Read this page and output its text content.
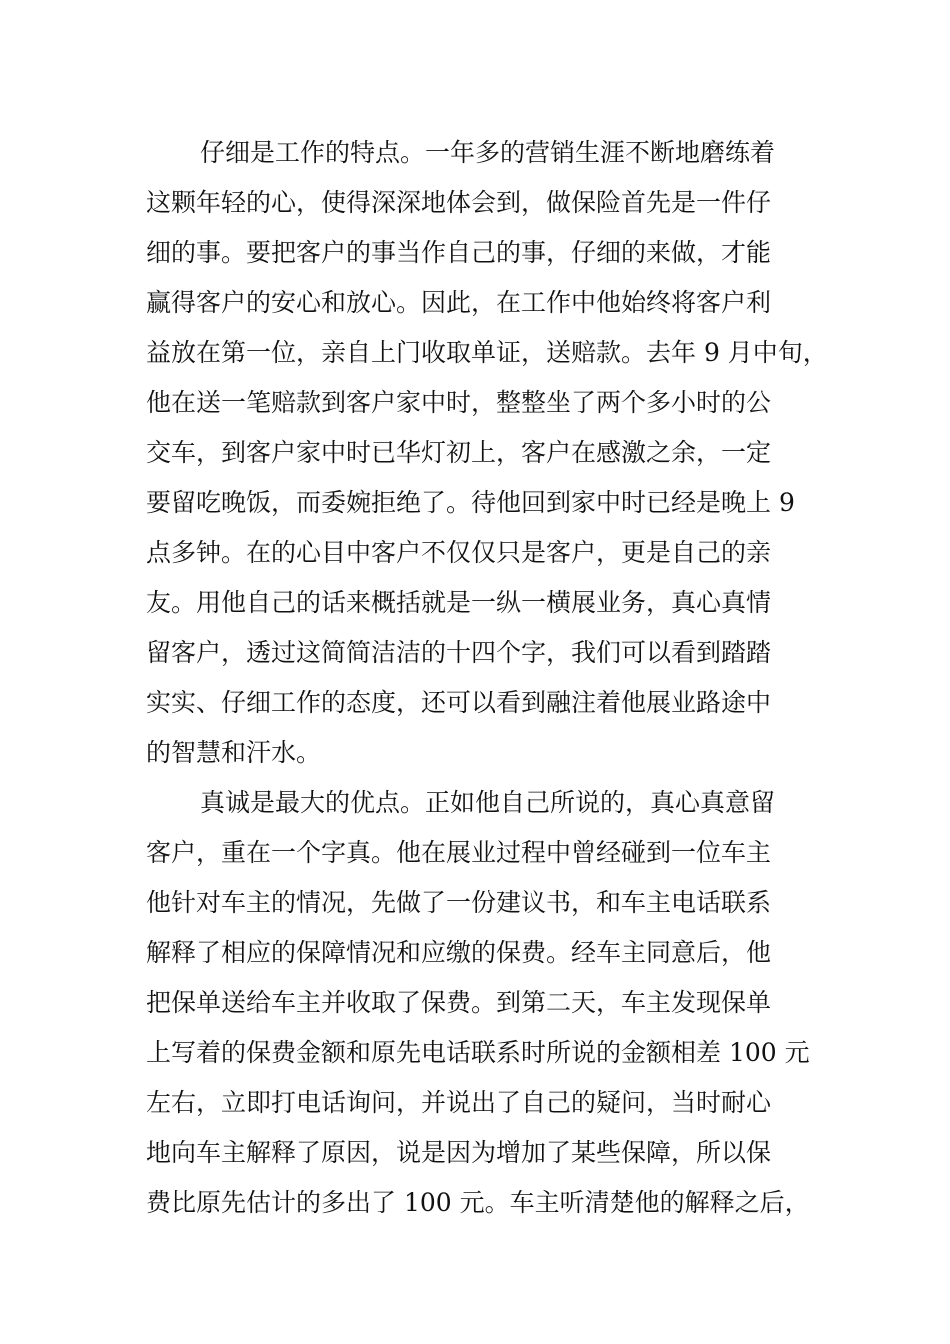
仔细是工作的特点。一年多的营销生涯不断地磨练着
这颗年轻的心，使得深深地体会到，做保险首先是一件仔
细的事。要把客户的事当作自己的事，仔细的来做，才能
赢得客户的安心和放心。因此，在工作中他始终将客户利
益放在第一位，亲自上门收取单证，送赔款。去年 9 月中旬，
他在送一笔赔款到客户家中时，整整坐了两个多小时的公
交车，到客户家中时已华灯初上，客户在感激之余，一定
要留吃晚饭，而委婉拒绝了。待他回到家中时已经是晚上 9
点多钟。在的心目中客户不仅仅只是客户，更是自己的亲
友。用他自己的话来概括就是一纵一横展业务，真心真情
留客户，透过这简简洁洁的十四个字，我们可以看到踏踏
实实、仔细工作的态度，还可以看到融注着他展业路途中
的智慧和汗水。
真诚是最大的优点。正如他自己所说的，真心真意留
客户，重在一个字真。他在展业过程中曾经碰到一位车主
他针对车主的情况，先做了一份建议书，和车主电话联系
解释了相应的保障情况和应缴的保费。经车主同意后，他
把保单送给车主并收取了保费。到第二天，车主发现保单
上写着的保费金额和原先电话联系时所说的金额相差 100 元
左右，立即打电话询问，并说出了自己的疑问，当时耐心
地向车主解释了原因，说是因为增加了某些保障，所以保
费比原先估计的多出了 100 元。车主听清楚他的解释之后，
